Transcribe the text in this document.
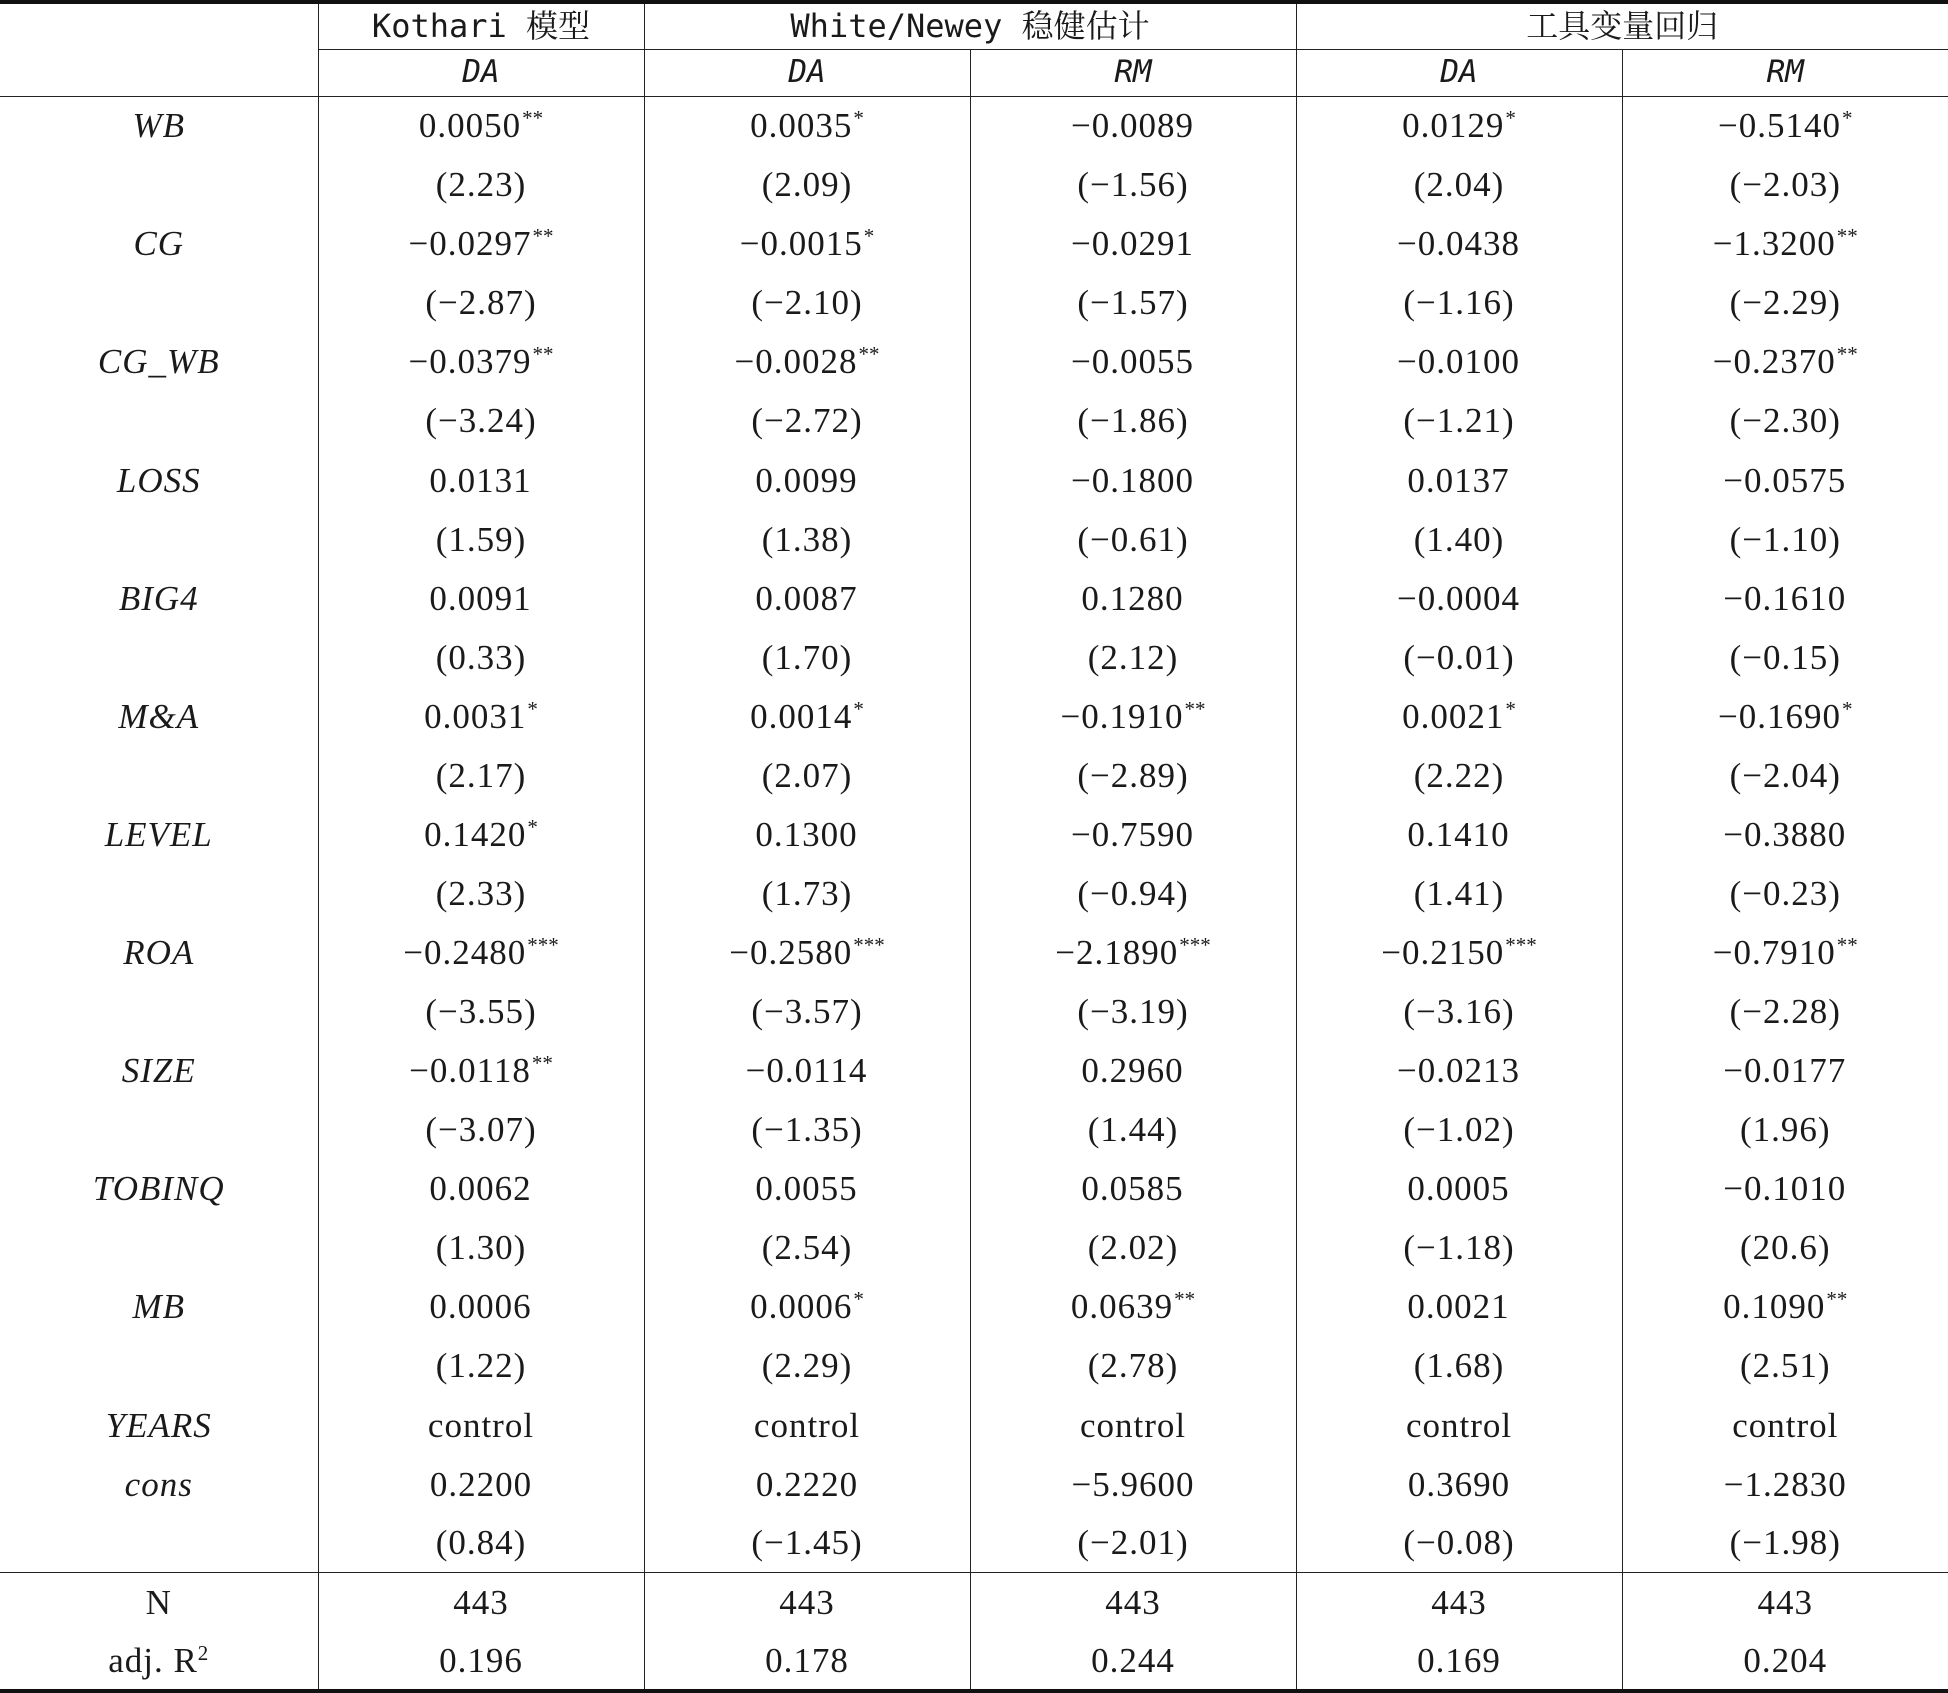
	Kothari 模型	White/Newey 稳健估计		工具变量回归	
	DA	DA	RM	DA	RM
WB	0.0050**	0.0035*	−0.0089	0.0129*	−0.5140*
	(2.23)	(2.09)	(−1.56)	(2.04)	(−2.03)
CG	−0.0297**	−0.0015*	−0.0291	−0.0438	−1.3200**
	(−2.87)	(−2.10)	(−1.57)	(−1.16)	(−2.29)
CG_WB	−0.0379**	−0.0028**	−0.0055	−0.0100	−0.2370**
	(−3.24)	(−2.72)	(−1.86)	(−1.21)	(−2.30)
LOSS	0.0131	0.0099	−0.1800	0.0137	−0.0575
	(1.59)	(1.38)	(−0.61)	(1.40)	(−1.10)
BIG4	0.0091	0.0087	0.1280	−0.0004	−0.1610
	(0.33)	(1.70)	(2.12)	(−0.01)	(−0.15)
M&A	0.0031*	0.0014*	−0.1910**	0.0021*	−0.1690*
	(2.17)	(2.07)	(−2.89)	(2.22)	(−2.04)
LEVEL	0.1420*	0.1300	−0.7590	0.1410	−0.3880
	(2.33)	(1.73)	(−0.94)	(1.41)	(−0.23)
ROA	−0.2480***	−0.2580***	−2.1890***	−0.2150***	−0.7910**
	(−3.55)	(−3.57)	(−3.19)	(−3.16)	(−2.28)
SIZE	−0.0118**	−0.0114	0.2960	−0.0213	−0.0177
	(−3.07)	(−1.35)	(1.44)	(−1.02)	(1.96)
TOBINQ	0.0062	0.0055	0.0585	0.0005	−0.1010
	(1.30)	(2.54)	(2.02)	(−1.18)	(20.6)
MB	0.0006	0.0006*	0.0639**	0.0021	0.1090**
	(1.22)	(2.29)	(2.78)	(1.68)	(2.51)
YEARS	control	control	control	control	control
cons	0.2200	0.2220	−5.9600	0.3690	−1.2830
	(0.84)	(−1.45)	(−2.01)	(−0.08)	(−1.98)
N	443	443	443	443	443
adj. $R^2$	0.196	0.178	0.244	0.169	0.204
